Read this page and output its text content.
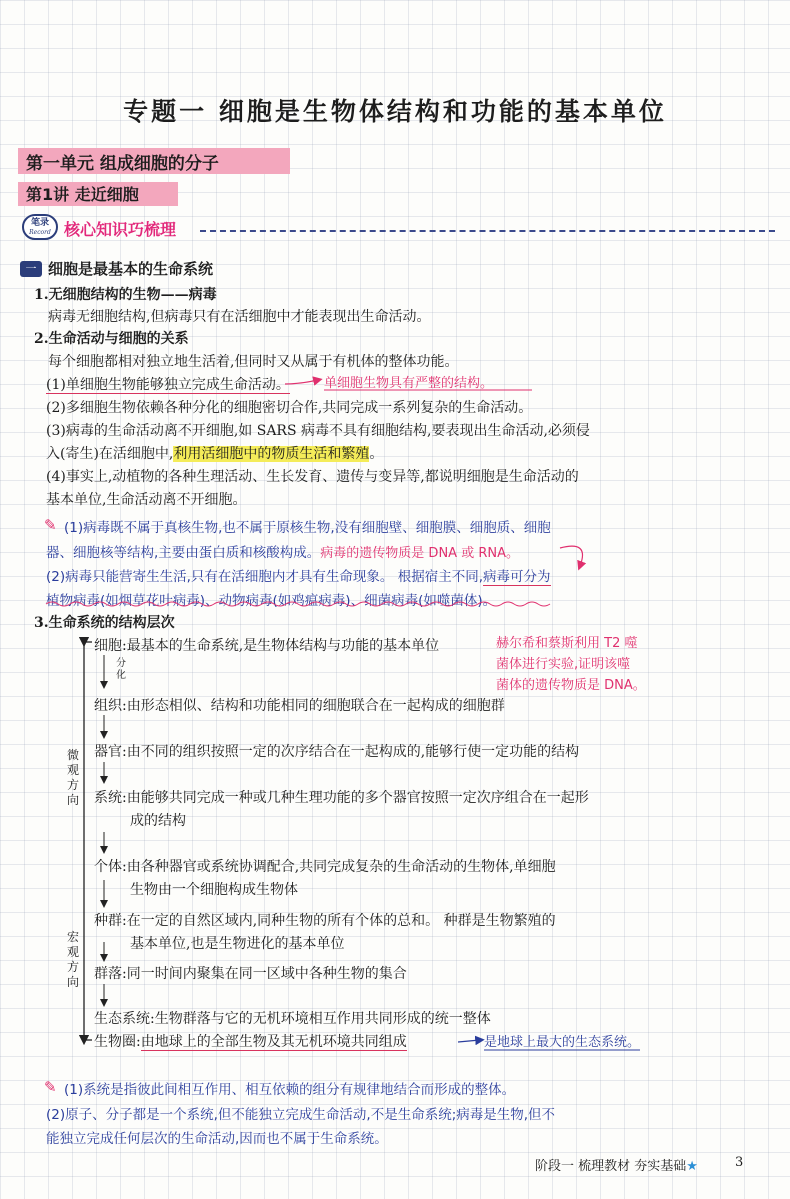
专题一 细胞是生物体结构和功能的基本单位
第一单元 组成细胞的分子
第1讲 走近细胞
笔录
Record 核心知识巧梳理
一 细胞是最基本的生命系统
1.无细胞结构的生物——病毒
病毒无细胞结构,但病毒只有在活细胞中才能表现出生命活动。
2.生命活动与细胞的关系
每个细胞都相对独立地生活着,但同时又从属于有机体的整体功能。
(1)单细胞生物能够独立完成生命活动。	单细胞生物具有严整的结构。
(2)多细胞生物依赖各种分化的细胞密切合作,共同完成一系列复杂的生命活动。
(3)病毒的生命活动离不开细胞,如 SARS 病毒不具有细胞结构,要表现出生命活动,必须侵
入(寄生)在活细胞中,利用活细胞中的物质生活和繁殖。
(4)事实上,动植物的各种生理活动、生长发育、遗传与变异等,都说明细胞是生命活动的
基本单位,生命活动离不开细胞。
✎ (1)病毒既不属于真核生物,也不属于原核生物,没有细胞壁、细胞膜、细胞质、细胞
器、细胞核等结构,主要由蛋白质和核酸构成。病毒的遗传物质是 DNA 或 RNA。
(2)病毒只能营寄生生活,只有在活细胞内才具有生命现象。 根据宿主不同,病毒可分为
植物病毒(如烟草花叶病毒)、动物病毒(如鸡瘟病毒)、细菌病毒(如噬菌体)。
3.生命系统的结构层次
细胞:最基本的生命系统,是生物体结构与功能的基本单位
分化
赫尔希和蔡斯利用 T2 噬
菌体进行实验,证明该噬
菌体的遗传物质是 DNA。
组织:由形态相似、结构和功能相同的细胞联合在一起构成的细胞群
器官:由不同的组织按照一定的次序结合在一起构成的,能够行使一定功能的结构
系统:由能够共同完成一种或几种生理功能的多个器官按照一定次序组合在一起形
成的结构
个体:由各种器官或系统协调配合,共同完成复杂的生命活动的生物体,单细胞
生物由一个细胞构成生物体
种群:在一定的自然区域内,同种生物的所有个体的总和。 种群是生物繁殖的
基本单位,也是生物进化的基本单位
群落:同一时间内聚集在同一区域中各种生物的集合
生态系统:生物群落与它的无机环境相互作用共同形成的统一整体
生物圈:由地球上的全部生物及其无机环境共同组成	是地球上最大的生态系统。
微观方向
宏观方向
✎ (1)系统是指彼此间相互作用、相互依赖的组分有规律地结合而形成的整体。
(2)原子、分子都是一个系统,但不能独立完成生命活动,不是生命系统;病毒是生物,但不
能独立完成任何层次的生命活动,因而也不属于生命系统。
阶段一 梳理教材 夯实基础★	3
